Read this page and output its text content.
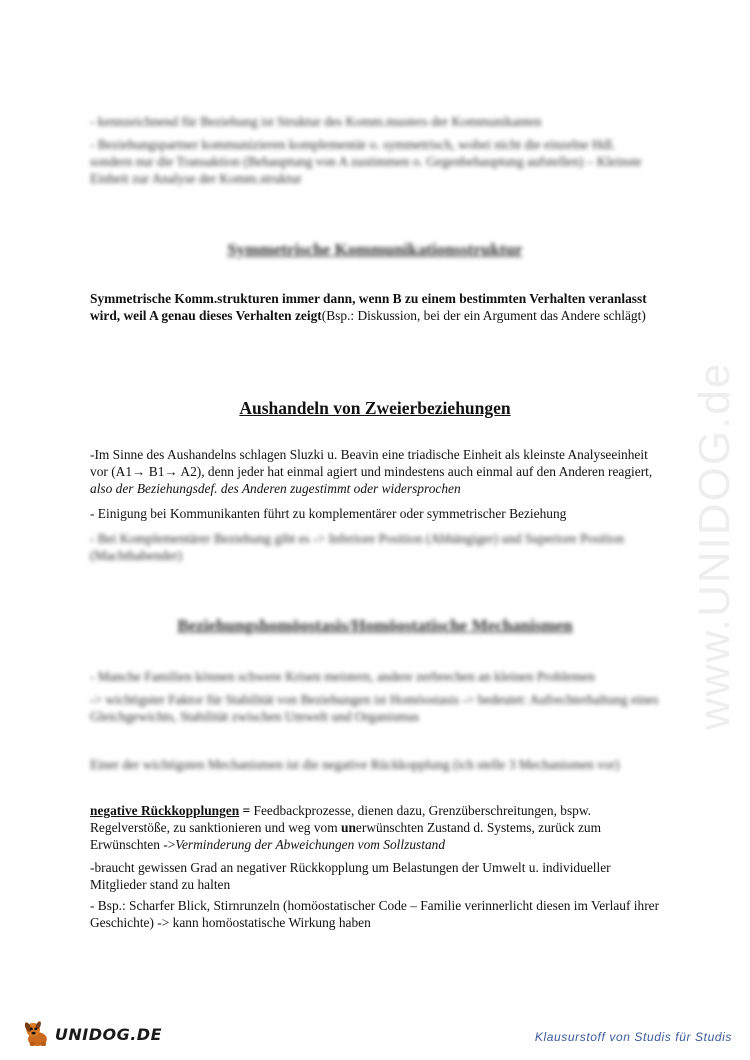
- kennzeichnend für Beziehung ist Struktur des Komm.musters der Kommunikanten

- Beziehungspartner kommunizieren komplementär o. symmetrisch, wobei nicht die einzelne Hdl. sondern nur die Transaktion (Behauptung von A zustimmen o. Gegenbehauptung aufstellen) – Kleinste Einheit zur Analyse der Komm.struktur

Symmetrische Kommunikationsstruktur

Symmetrische Komm.strukturen immer dann, wenn B zu einem bestimmten Verhalten veranlasst wird, weil A genau dieses Verhalten zeigt(Bsp.: Diskussion, bei der ein Argument das Andere schlägt)

Aushandeln von Zweierbeziehungen

-Im Sinne des Aushandelns schlagen Sluzki u. Beavin eine triadische Einheit als kleinste Analyseeinheit vor (A1→ B1→ A2), denn jeder hat einmal agiert und mindestens auch einmal auf den Anderen reagiert, also der Beziehungsdef. des Anderen zugestimmt oder widersprochen

- Einigung bei Kommunikanten führt zu komplementärer oder symmetrischer Beziehung

- Bei Komplementärer Beziehung gibt es -> Inferiore Position (Abhängiger) und Superiore Position (Machthabender)

Beziehungshomöostasis/Homöostatische Mechanismen

- Manche Familien können schwere Krisen meistern, andere zerbrechen an kleinen Problemen

-> wichtigster Faktor für Stabilität von Beziehungen ist Homöostasis -> bedeutet: Aufrechterhaltung eines Gleichgewichts, Stabilität zwischen Umwelt und Organismus

Einer der wichtigsten Mechanismen ist die negative Rückkopplung (ich stelle 3 Mechanismen vor)

negative Rückkopplungen = Feedbackprozesse, dienen dazu, Grenzüberschreitungen, bspw. Regelverstöße, zu sanktionieren und weg vom unerwünschten Zustand d. Systems, zurück zum Erwünschten ->Verminderung der Abweichungen vom Sollzustand

-braucht gewissen Grad an negativer Rückkopplung um Belastungen der Umwelt u. individueller Mitglieder stand zu halten

- Bsp.: Scharfer Blick, Stirnrunzeln (homöostatischer Code – Familie verinnerlicht diesen im Verlauf ihrer Geschichte) -> kann homöostatische Wirkung haben

www.UNIDOG.de
UNIDOG.DE	Klausurstoff von Studis für Studis
